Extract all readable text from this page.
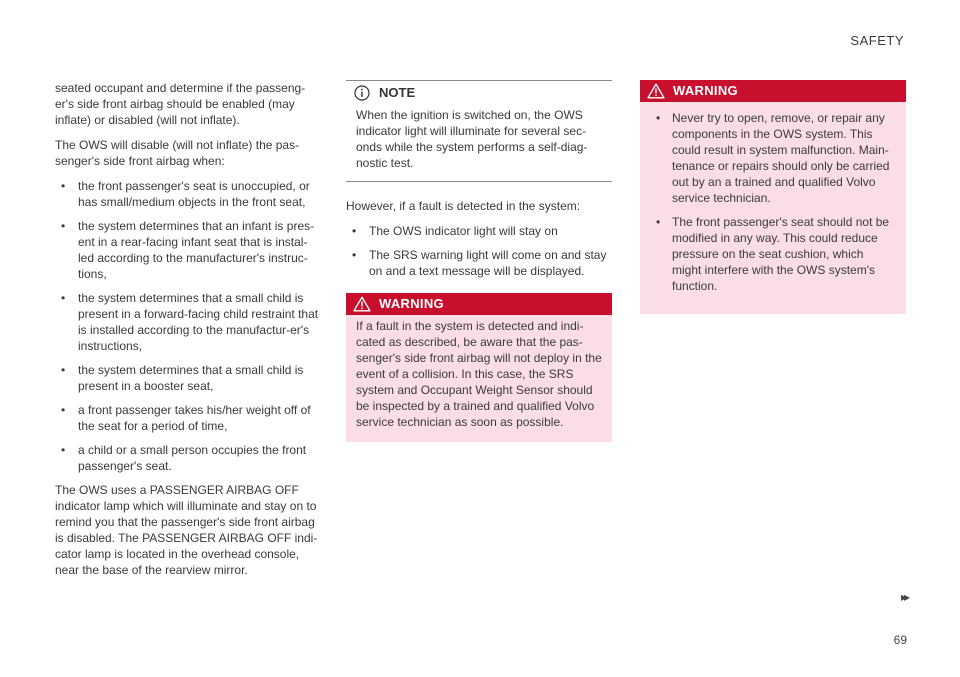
SAFETY

seated occupant and determine if the passeng-er's side front airbag should be enabled (may inflate) or disabled (will not inflate).

The OWS will disable (will not inflate) the pas-senger's side front airbag when:

• the front passenger's seat is unoccupied, or has small/medium objects in the front seat,
• the system determines that an infant is pres-ent in a rear-facing infant seat that is instal-led according to the manufacturer's instruc-tions,
• the system determines that a small child is present in a forward-facing child restraint that is installed according to the manufactur-er's instructions,
• the system determines that a small child is present in a booster seat,
• a front passenger takes his/her weight off of the seat for a period of time,
• a child or a small person occupies the front passenger's seat.

The OWS uses a PASSENGER AIRBAG OFF indicator lamp which will illuminate and stay on to remind you that the passenger's side front airbag is disabled. The PASSENGER AIRBAG OFF indi-cator lamp is located in the overhead console, near the base of the rearview mirror.

NOTE
When the ignition is switched on, the OWS indicator light will illuminate for several sec-onds while the system performs a self-diag-nostic test.

However, if a fault is detected in the system:

• The OWS indicator light will stay on
• The SRS warning light will come on and stay on and a text message will be displayed.
WARNING
If a fault in the system is detected and indi-cated as described, be aware that the pas-senger's side front airbag will not deploy in the event of a collision. In this case, the SRS system and Occupant Weight Sensor should be inspected by a trained and qualified Volvo service technician as soon as possible.
WARNING
• Never try to open, remove, or repair any components in the OWS system. This could result in system malfunction. Main-tenance or repairs should only be carried out by an a trained and qualified Volvo service technician.
• The front passenger's seat should not be modified in any way. This could reduce pressure on the seat cushion, which might interfere with the OWS system's function.
▸▸
69
